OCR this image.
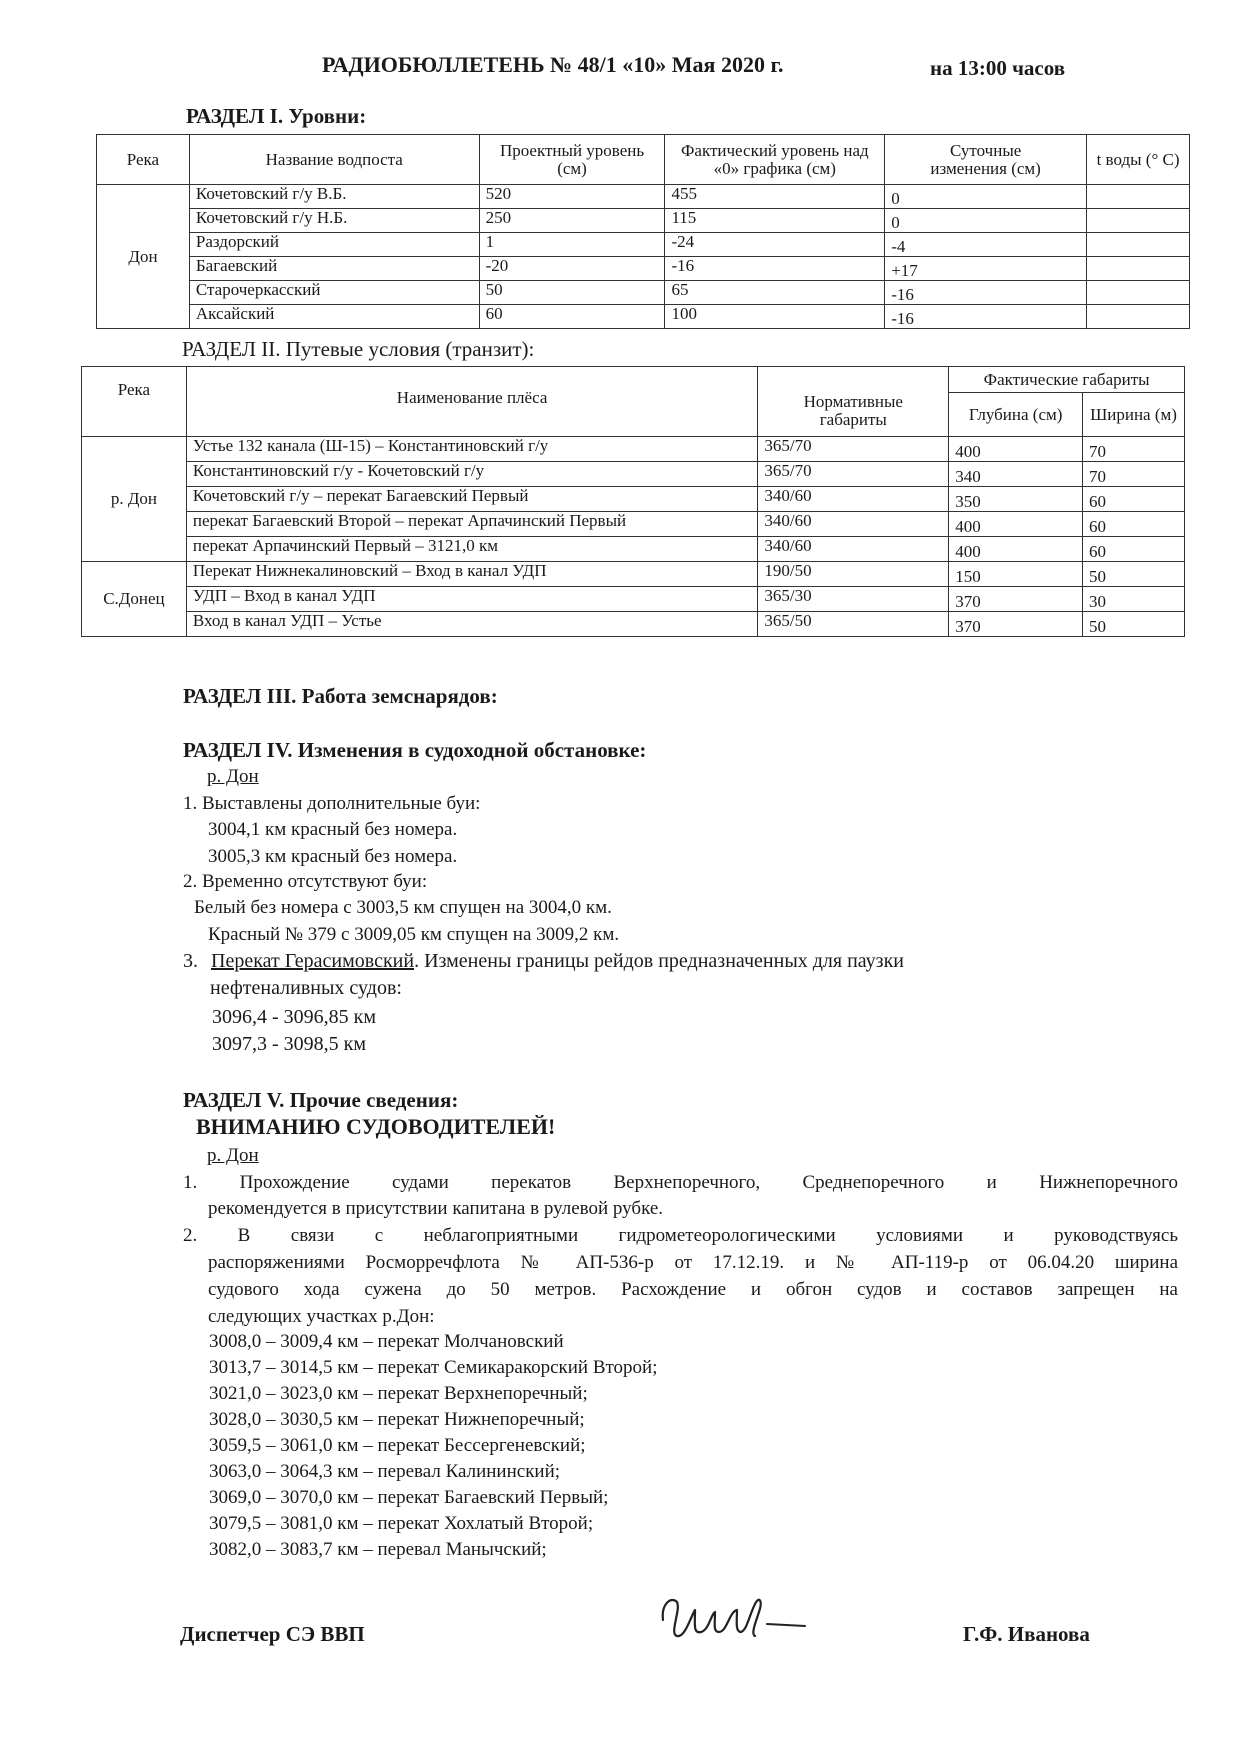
РАДИОБЮЛЛЕТЕНЬ № 48/1 «10» Мая 2020 г.	на 13:00 часов
РАЗДЕЛ I. Уровни:
Река	Название водпоста	Проектный уровень (см)	Фактический уровень над «0» графика (см)	Суточные изменения (см)	t воды (° С)
Дон	Кочетовский г/у В.Б.	520	455	0	
	Кочетовский г/у Н.Б.	250	115	0	
	Раздорский	1	-24	-4	
	Багаевский	-20	-16	+17	
	Старочеркасский	50	65	-16	
	Аксайский	60	100	-16	
РАЗДЕЛ II. Путевые условия (транзит):
Река	Наименование плёса	Нормативные габариты	Фактические габариты	
			Глубина (см)	Ширина (м)
р. Дон	Устье 132 канала (Ш-15) – Константиновский г/у	365/70	400	70
	Константиновский г/у - Кочетовский г/у	365/70	340	70
	Кочетовский г/у – перекат Багаевский Первый	340/60	350	60
	перекат Багаевский Второй – перекат Арпачинский Первый	340/60	400	60
	перекат Арпачинский Первый – 3121,0 км	340/60	400	60
С.Донец	Перекат Нижнекалиновский – Вход в канал УДП	190/50	150	50
	УДП – Вход в канал УДП	365/30	370	30
	Вход в канал УДП – Устье	365/50	370	50
РАЗДЕЛ III. Работа земснарядов:
РАЗДЕЛ IV. Изменения в судоходной обстановке:
р. Дон
1. Выставлены дополнительные буи:
3004,1 км красный без номера.
3005,3 км красный без номера.
2. Временно отсутствуют буи:
Белый без номера с 3003,5 км спущен на 3004,0 км.
Красный № 379 с 3009,05 км спущен на 3009,2 км.
3. Перекат Герасимовский. Изменены границы рейдов предназначенных для паузки
нефтеналивных судов:
3096,4 - 3096,85 км
3097,3 - 3098,5 км
РАЗДЕЛ V. Прочие сведения:
ВНИМАНИЮ СУДОВОДИТЕЛЕЙ!
р. Дон
1. Прохождение судами перекатов Верхнепоречного, Среднепоречного и Нижнепоречного
рекомендуется в присутствии капитана в рулевой рубке.
2. В связи с неблагоприятными гидрометеорологическими условиями и руководствуясь
распоряжениями Росморречфлота № АП-536-р от 17.12.19. и № АП-119-р от 06.04.20 ширина
судового хода сужена до 50 метров. Расхождение и обгон судов и составов запрещен на
следующих участках р.Дон:
3008,0 – 3009,4 км – перекат Молчановский
3013,7 – 3014,5 км – перекат Семикаракорский Второй;
3021,0 – 3023,0 км – перекат Верхнепоречный;
3028,0 – 3030,5 км – перекат Нижнепоречный;
3059,5 – 3061,0 км – перекат Бессергеневский;
3063,0 – 3064,3 км – перевал Калининский;
3069,0 – 3070,0 км – перекат Багаевский Первый;
3079,5 – 3081,0 км – перекат Хохлатый Второй;
3082,0 – 3083,7 км – перевал Манычский;
Диспетчер СЭ ВВП	Г.Ф. Иванова
